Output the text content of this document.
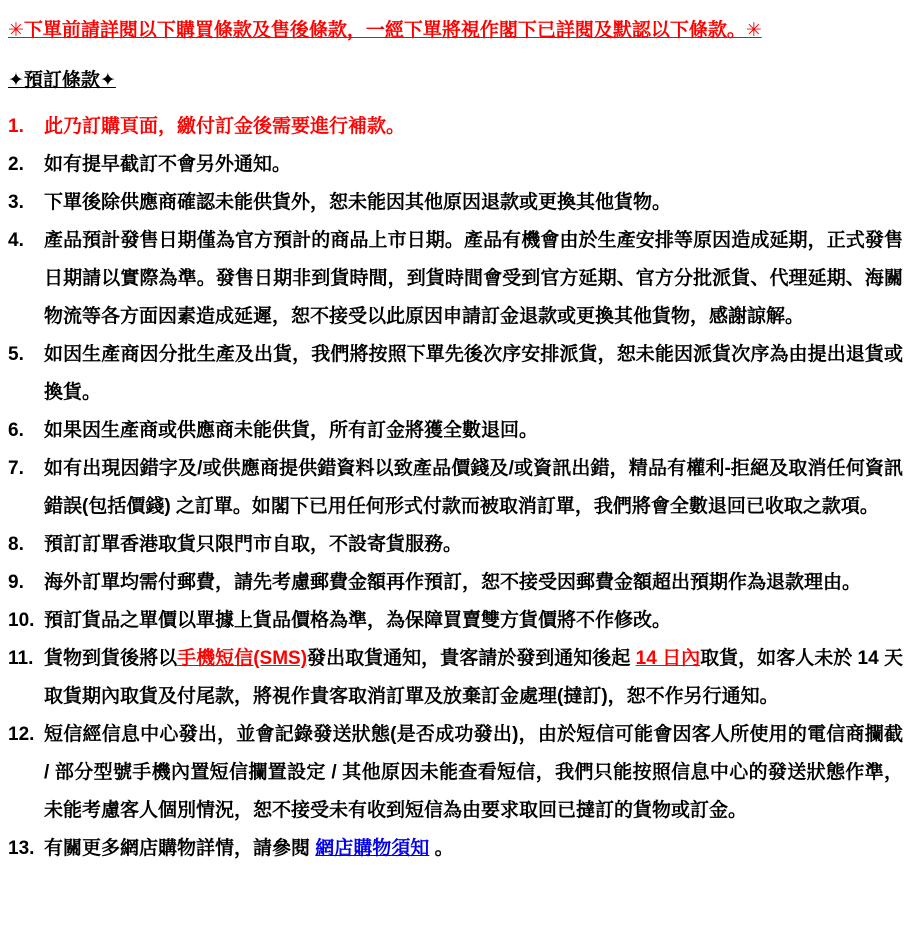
✳下單前請詳閱以下購買條款及售後條款，一經下單將視作閣下已詳閱及默認以下條款。✳
✦預訂條款✦
1.	此乃訂購頁面，繳付訂金後需要進行補款。
2.	如有提早截訂不會另外通知。
3.	下單後除供應商確認未能供貨外，恕未能因其他原因退款或更換其他貨物。
4.	產品預計發售日期僅為官方預計的商品上市日期。產品有機會由於生產安排等原因造成延期，正式發售日期請以實際為準。發售日期非到貨時間，到貨時間會受到官方延期、官方分批派貨、代理延期、海關物流等各方面因素造成延遲，恕不接受以此原因申請訂金退款或更換其他貨物，感謝諒解。
5.	如因生產商因分批生產及出貨，我們將按照下單先後次序安排派貨，恕未能因派貨次序為由提出退貨或換貨。
6.	如果因生產商或供應商未能供貨，所有訂金將獲全數退回。
7.	如有出現因錯字及/或供應商提供錯資料以致產品價錢及/或資訊出錯，精品有權利-拒絕及取消任何資訊錯誤(包括價錢) 之訂單。如閣下已用任何形式付款而被取消訂單，我們將會全數退回已收取之款項。
8.	預訂訂單香港取貨只限門市自取，不設寄貨服務。
9.	海外訂單均需付郵費，請先考慮郵費金額再作預訂，恕不接受因郵費金額超出預期作為退款理由。
10. 預訂貨品之單價以單據上貨品價格為準，為保障買賣雙方貨價將不作修改。
11. 貨物到貨後將以手機短信(SMS)發出取貨通知，貴客請於發到通知後起 14 日內取貨，如客人未於 14 天取貨期內取貨及付尾款，將視作貴客取消訂單及放棄訂金處理(撻訂)，恕不作另行通知。
12. 短信經信息中心發出，並會記錄發送狀態(是否成功發出)，由於短信可能會因客人所使用的電信商攔截 / 部分型號手機內置短信攔置設定 / 其他原因未能查看短信，我們只能按照信息中心的發送狀態作準，未能考慮客人個別情況，恕不接受未有收到短信為由要求取回已撻訂的貨物或訂金。
13. 有關更多網店購物詳情，請參閱 網店購物須知 。
